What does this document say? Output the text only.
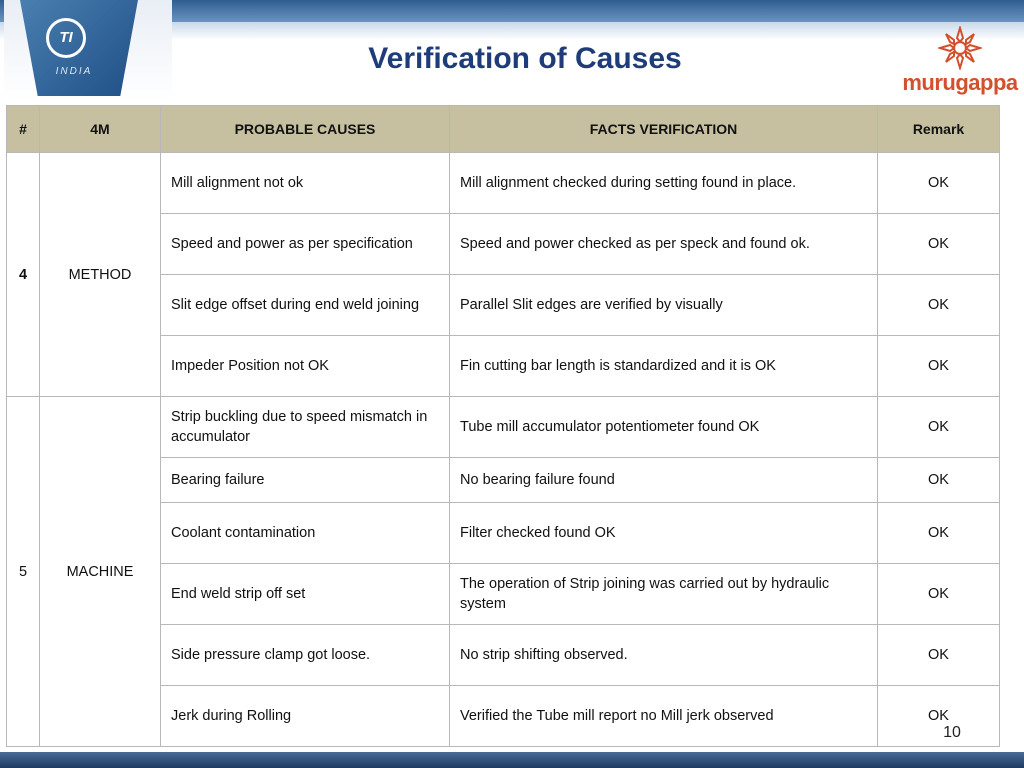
TI
INDIA	Verification of Causes
murugappa
#	4M	PROBABLE CAUSES	FACTS VERIFICATION	Remark
4	METHOD	Mill alignment not ok	Mill alignment checked during setting found in place.	OK
		Speed and power as per specification	Speed and power checked as per speck and found ok.	OK
		Slit edge offset during end weld joining	Parallel Slit edges are verified by visually	OK
		Impeder Position not OK	Fin cutting bar length is standardized and it is OK	OK
5	MACHINE	Strip buckling due to speed mismatch in accumulator	Tube mill accumulator potentiometer found OK	OK
		Bearing failure	No bearing failure found	OK
		Coolant contamination	Filter checked found OK	OK
		End weld strip off set	The operation of Strip joining was carried out by hydraulic system	OK
		Side pressure clamp got loose.	No strip shifting observed.	OK
		Jerk during Rolling	Verified the Tube mill report no Mill jerk observed	OK
10
